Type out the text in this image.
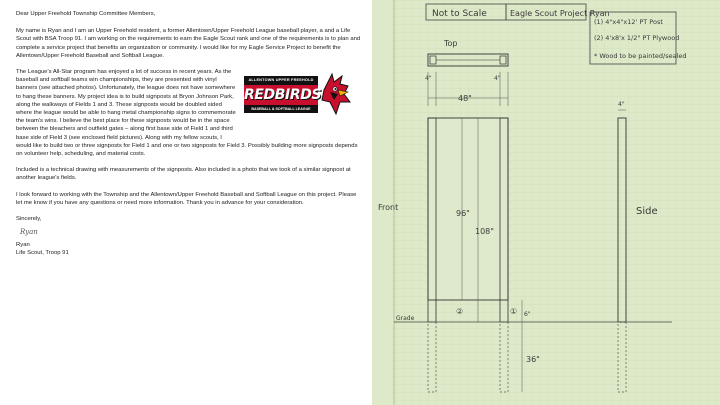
Dear Upper Freehold Township Committee Members,

My name is Ryan and I am an Upper Freehold resident, a former Allentown/Upper Freehold League baseball player, a and a Life Scout with BSA Troop 91. I am working on the requirements to earn the Eagle Scout rank and one of the requirements is to plan and complete a service project that benefits an organization or community. I would like for my Eagle Service Project to benefit the Allentown/Upper Freehold Baseball and Softball League.

ALLENTOWN UPPER FREEHOLD
REDBIRDS
BASEBALL & SOFTBALL LEAGUE

The League's All-Star program has enjoyed a lot of success in recent years. As the baseball and softball teams win championships, they are presented with vinyl banners (see attached photos). Unfortunately, the league does not have somewhere to hang these banners. My project idea is to build signposts at Bryon Johnson Park, along the walkways of Fields 1 and 3. These signposts would be doubled sided where the league would be able to hang metal championship signs to commemorate the team's wins. I believe the best place for these signposts would be in the space between the bleachers and outfield gates – along first base side of Field 1 and third base side of Field 3 (see enclosed field pictures). Along with my fellow scouts, I would like to build two or three signposts for Field 1 and one or two signposts for Field 3. Possibly building more signposts depends on volunteer help, scheduling, and material costs.

Included is a technical drawing with measurements of the signposts. Also included is a photo that we took of a similar signpost at another league's fields.

I look forward to working with the Township and the Allentown/Upper Freehold Baseball and Softball League on this project. Please let me know if you have any questions or need more information. Thank you in advance for your consideration.

Sincerely,

Ryan

Ryan

Life Scout, Troop 91

Not to Scale	Eagle Scout Project Ryan
(1) 4"x4"x12' PT Post
(2) 4'x8'x 1/2" PT Plywood
* Wood to be painted/sealed
Top
4"	4"
48"
Front
96"
108"
②	① 6"
Grade
36"
Side
4"
